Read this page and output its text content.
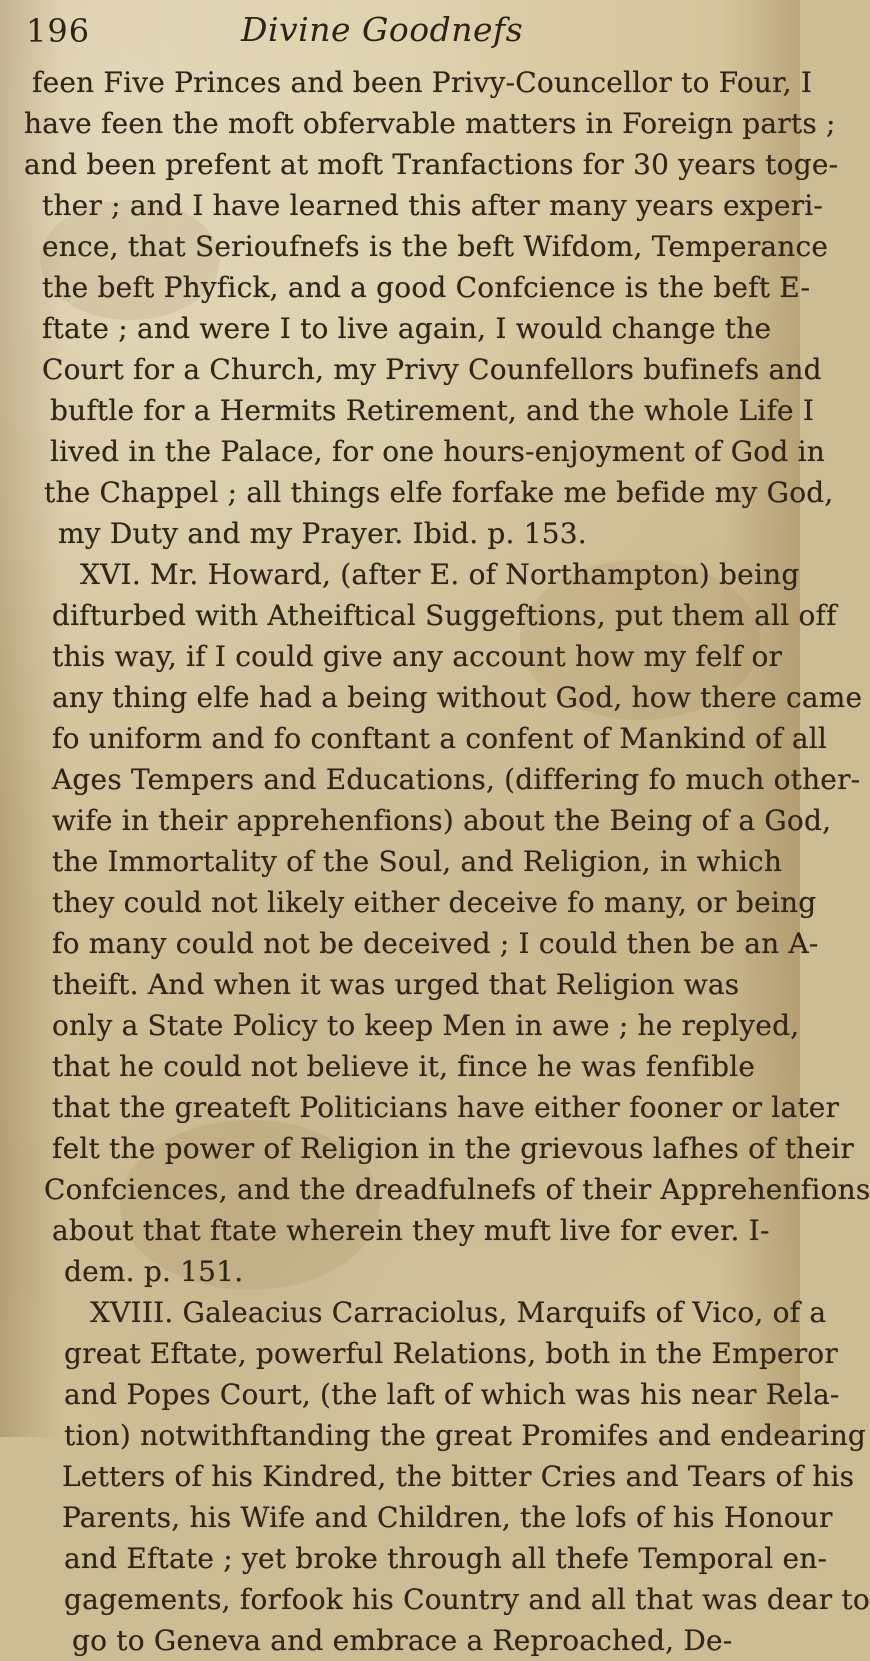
196	Divine Goodnefs
feen Five Princes and been Privy-Councellor to Four, I
have feen the moft obfervable matters in Foreign parts ;
and been prefent at moft Tranfactions for 30 years toge-
ther ; and I have learned this after many years experi-
ence, that Serioufnefs is the beft Wifdom, Temperance
the beft Phyfick, and a good Confcience is the beft E-
ftate ; and were I to live again, I would change the
Court for a Church, my Privy Counfellors bufinefs and
buftle for a Hermits Retirement, and the whole Life I
lived in the Palace, for one hours-enjoyment of God in
the Chappel ; all things elfe forfake me befide my God,
my Duty and my Prayer. Ibid. p. 153.
XVI. Mr. Howard, (after E. of Northampton) being
difturbed with Atheiftical Suggeftions, put them all off
this way, if I could give any account how my felf or
any thing elfe had a being without God, how there came
fo uniform and fo conftant a confent of Mankind of all
Ages Tempers and Educations, (differing fo much other-
wife in their apprehenfions) about the Being of a God,
the Immortality of the Soul, and Religion, in which
they could not likely either deceive fo many, or being
fo many could not be deceived ; I could then be an A-
theift. And when it was urged that Religion was
only a State Policy to keep Men in awe ; he replyed,
that he could not believe it, fince he was fenfible
that the greateft Politicians have either fooner or later
felt the power of Religion in the grievous lafhes of their
Confciences, and the dreadfulnefs of their Apprehenfions
about that ftate wherein they muft live for ever. I-
dem. p. 151.
XVIII. Galeacius Carraciolus, Marquifs of Vico, of a
great Eftate, powerful Relations, both in the Emperor
and Popes Court, (the laft of which was his near Rela-
tion) notwithftanding the great Promifes and endearing
Letters of his Kindred, the bitter Cries and Tears of his
Parents, his Wife and Children, the lofs of his Honour
and Eftate ; yet broke through all thefe Temporal en-
gagements, forfook his Country and all that was dear to
go to Geneva and embrace a Reproached, De-
